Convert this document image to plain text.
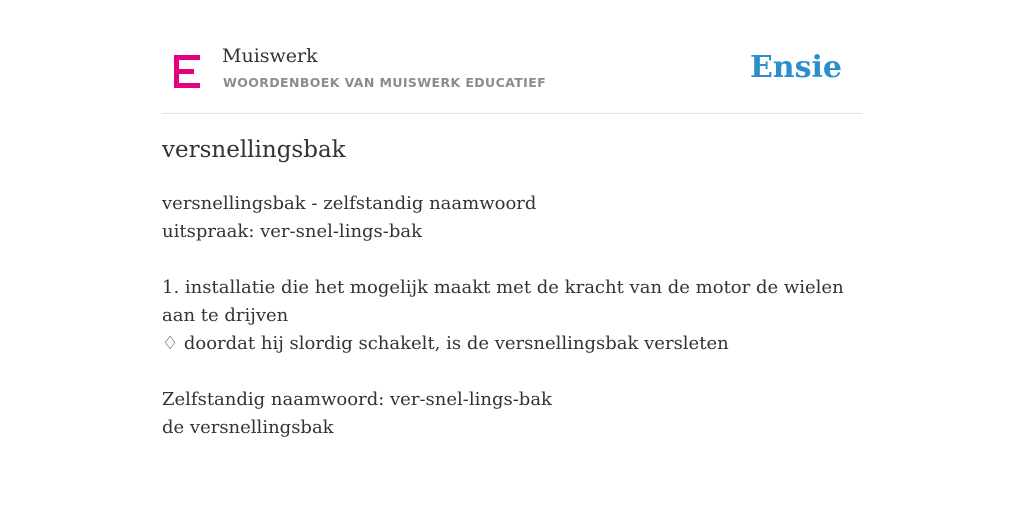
Muiswerk
WOORDENBOEK VAN MUISWERK EDUCATIEF	Ensie
versnellingsbak
versnellingsbak - zelfstandig naamwoord
uitspraak: ver-snel-lings-bak
1. installatie die het mogelijk maakt met de kracht van de motor de wielen aan te drijven
♢ doordat hij slordig schakelt, is de versnellingsbak versleten
Zelfstandig naamwoord: ver-snel-lings-bak
de versnellingsbak
